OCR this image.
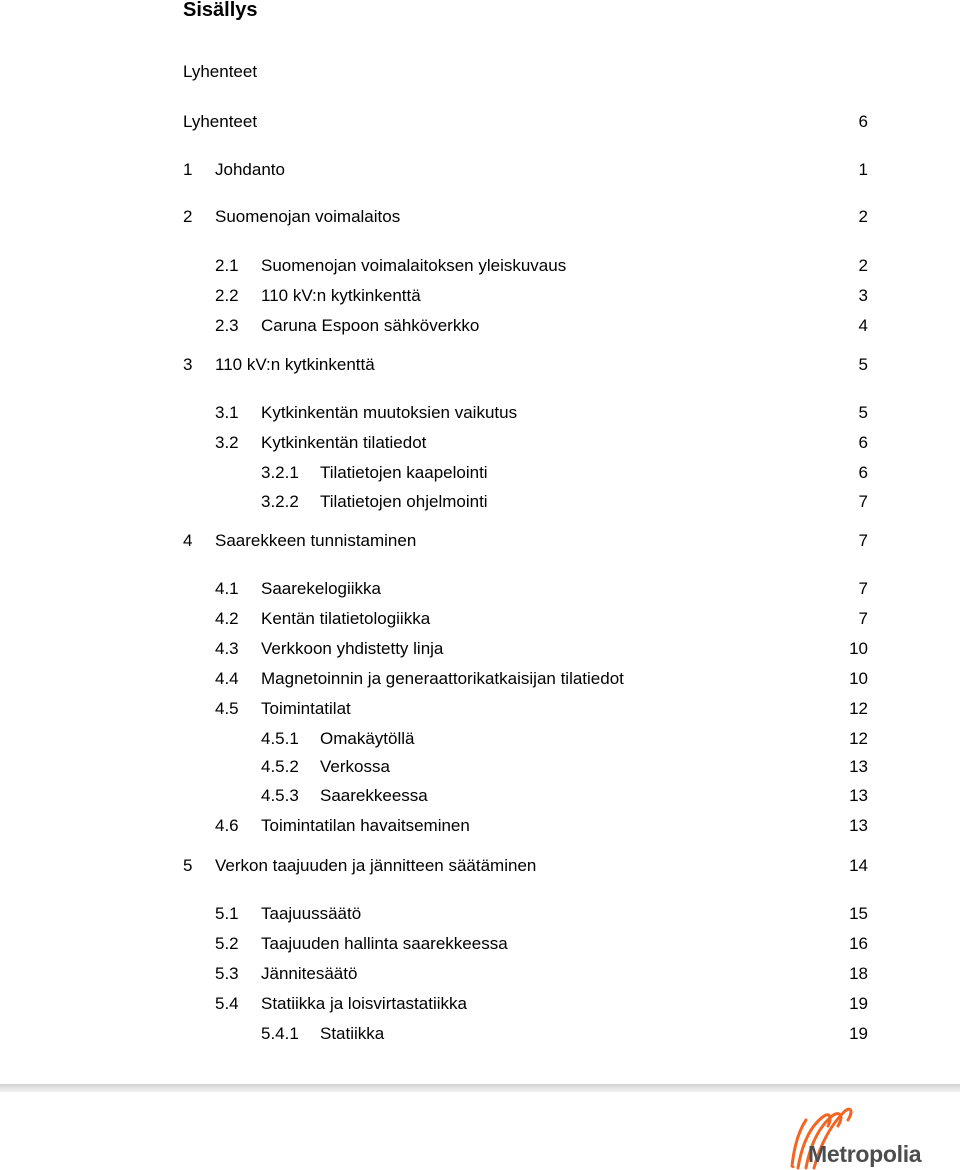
Sisällys
Lyhenteet
Lyhenteet	6
1 Johdanto	1
2 Suomenojan voimalaitos	2
2.1 Suomenojan voimalaitoksen yleiskuvaus	2
2.2 110 kV:n kytkinkenttä	3
2.3 Caruna Espoon sähköverkko	4
3 110 kV:n kytkinkenttä	5
3.1 Kytkinkentän muutoksien vaikutus	5
3.2 Kytkinkentän tilatiedot	6
3.2.1 Tilatietojen kaapelointi	6
3.2.2 Tilatietojen ohjelmointi	7
4 Saarekkeen tunnistaminen	7
4.1 Saarekelogiikka	7
4.2 Kentän tilatietologiikka	7
4.3 Verkkoon yhdistetty linja	10
4.4 Magnetoinnin ja generaattorikatkaisijan tilatiedot	10
4.5 Toimintatilat	12
4.5.1 Omakäytöllä	12
4.5.2 Verkossa	13
4.5.3 Saarekkeessa	13
4.6 Toimintatilan havaitseminen	13
5 Verkon taajuuden ja jännitteen säätäminen	14
5.1 Taajuussäätö	15
5.2 Taajuuden hallinta saarekkeessa	16
5.3 Jännitesäätö	18
5.4 Statiikka ja loisvirtastatiikka	19
5.4.1 Statiikka	19
Metropolia
